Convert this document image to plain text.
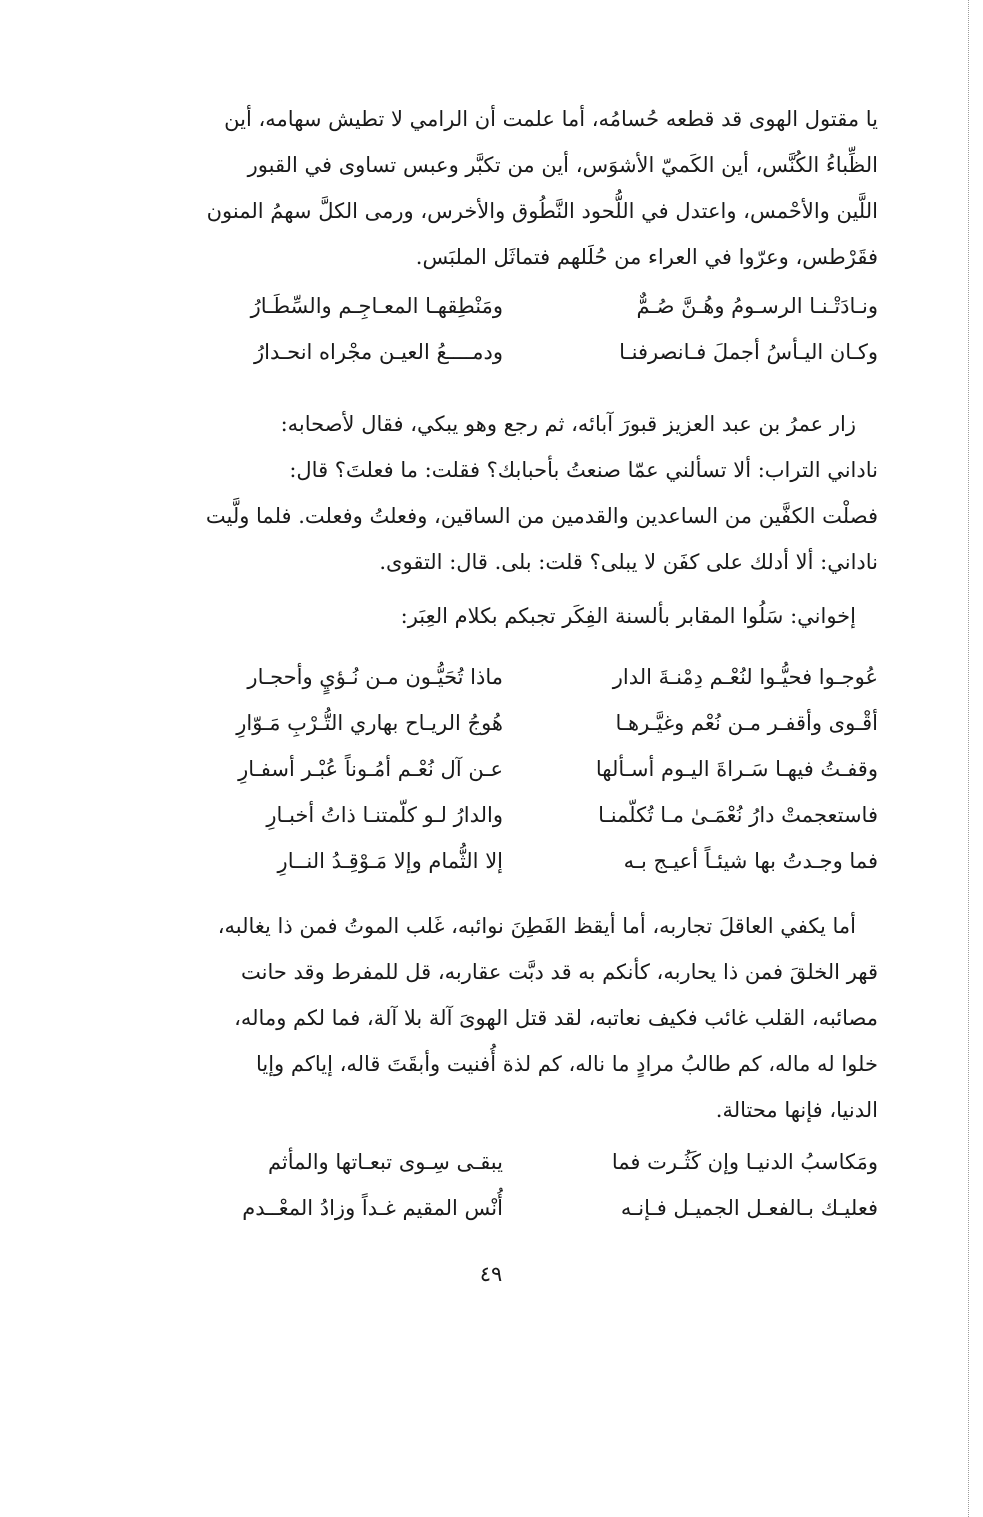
يا مقتول الهوى قد قطعه حُسامُه، أما علمت أن الرامي لا تطيش سهامه، أين
الظِّباءُ الكُنَّس، أين الكَميّ الأشوَس، أين من تكبَّر وعبس تساوى في القبور
اللَّين والأحْمس، واعتدل في اللُّحود النَّطُوق والأخرس، ورمى الكلَّ سهمُ المنون
فقَرْطس، وعرّوا في العراء من حُلَلهم فتماثَل الملبَس.
ونـادَتْـنـا الرسـومُ وهُـنَّ صُـمٌّ
ومَنْطِقهـا المعـاجِـم والسِّطَـارُ
وكـان اليـأسُ أجملَ فـانصرفنـا
ودمــــعُ العيـن مجْراه انحـدارُ
زار عمرُ بن عبد العزيز قبورَ آبائه، ثم رجع وهو يبكي، فقال لأصحابه:
ناداني التراب: ألا تسألني عمّا صنعتُ بأحبابك؟ فقلت: ما فعلتَ؟ قال:
فصلْت الكفَّين من الساعدين والقدمين من الساقين، وفعلتُ وفعلت. فلما ولَّيت
ناداني: ألا أدلك على كفَن لا يبلى؟ قلت: بلى. قال: التقوى.
إخواني: سَلُوا المقابر بألسنة الفِكَر تجبكم بكلام العِبَر:
عُوجـوا فحيُّـوا لنُعْـم دِمْنـةَ الدار
ماذا تُحَيُّـون مـن نُـؤيٍ وأحجـار
أقْـوى وأقفـر مـن نُعْم وغيَّـرهـا
هُوجُ الريـاح بهاري التُّـرْبِ مَـوّارِ
وقفـتُ فيهـا سَـراةَ اليـوم أسـألها
عـن آل نُعْـم أمُـوناً عُبْـر أسفـارِ
فاستعجمتْ دارُ نُعْمَـىٰ مـا تُكلّمنـا
والدارُ لـو كلّمتنـا ذاتُ أخبـارِ
فما وجـدتُ بها شيئـاً أعيـج بـه
إلا الثُّمام وإلا مَـوْقِـدُ النــارِ
أما يكفي العاقلَ تجاربه، أما أيقظ الفَطِنَ نوائبه، غَلب الموتُ فمن ذا يغالبه،
قهر الخلقَ فمن ذا يحاربه، كأنكم به قد دبَّت عقاربه، قل للمفرط وقد حانت
مصائبه، القلب غائب فكيف نعاتبه، لقد قتل الهوىَ آلة بلا آلة، فما لكم وماله،
خلوا له ماله، كم طالبُ مرادٍ ما ناله، كم لذة أُفنيت وأبقَتَ قاله، إياكم وإيا
الدنيا، فإنها محتالة.
ومَكاسبُ الدنيـا وإن كَثُـرت فما
يبقـى سِـوى تبعـاتها والمأثم
فعليـك بـالفعـل الجميـل فـإنـه
أُنْس المقيم غـداً وزادُ المعْــدم
٤٩
